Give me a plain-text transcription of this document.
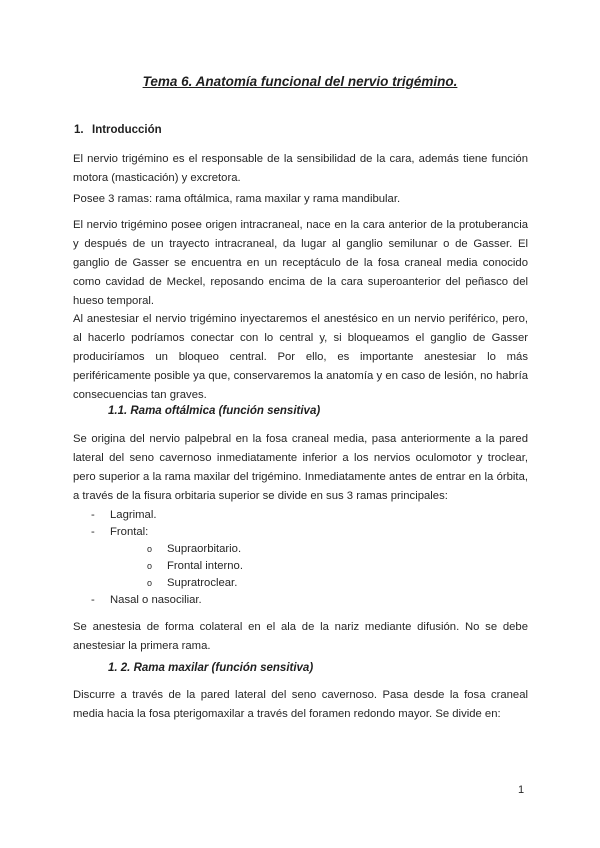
Tema 6. Anatomía funcional del nervio trigémino.
1. Introducción

El nervio trigémino es el responsable de la sensibilidad de la cara, además tiene función motora (masticación) y excretora.

Posee 3 ramas: rama oftálmica, rama maxilar y rama mandibular.

El nervio trigémino posee origen intracraneal, nace en la cara anterior de la protuberancia y después de un trayecto intracraneal, da lugar al ganglio semilunar o de Gasser. El ganglio de Gasser se encuentra en un receptáculo de la fosa craneal media conocido como cavidad de Meckel, reposando encima de la cara superoanterior del peñasco del hueso temporal.

Al anestesiar el nervio trigémino inyectaremos el anestésico en un nervio periférico, pero, al hacerlo podríamos conectar con lo central y, si bloqueamos el ganglio de Gasser produciríamos un bloqueo central. Por ello, es importante anestesiar lo más periféricamente posible ya que, conservaremos la anatomía y en caso de lesión, no habría consecuencias tan graves.

1.1. Rama oftálmica (función sensitiva)

Se origina del nervio palpebral en la fosa craneal media, pasa anteriormente a la pared lateral del seno cavernoso inmediatamente inferior a los nervios oculomotor y troclear, pero superior a la rama maxilar del trigémino. Inmediatamente antes de entrar en la órbita, a través de la fisura orbitaria superior se divide en sus 3 ramas principales:

-	Lagrimal.
-	Frontal:
o Supraorbitario.
o Frontal interno.
o Supratroclear.
-	Nasal o nasociliar.

Se anestesia de forma colateral en el ala de la nariz mediante difusión. No se debe anestesiar la primera rama.

1. 2. Rama maxilar (función sensitiva)

Discurre a través de la pared lateral del seno cavernoso. Pasa desde la fosa craneal media hacia la fosa pterigomaxilar a través del foramen redondo mayor. Se divide en:

1
